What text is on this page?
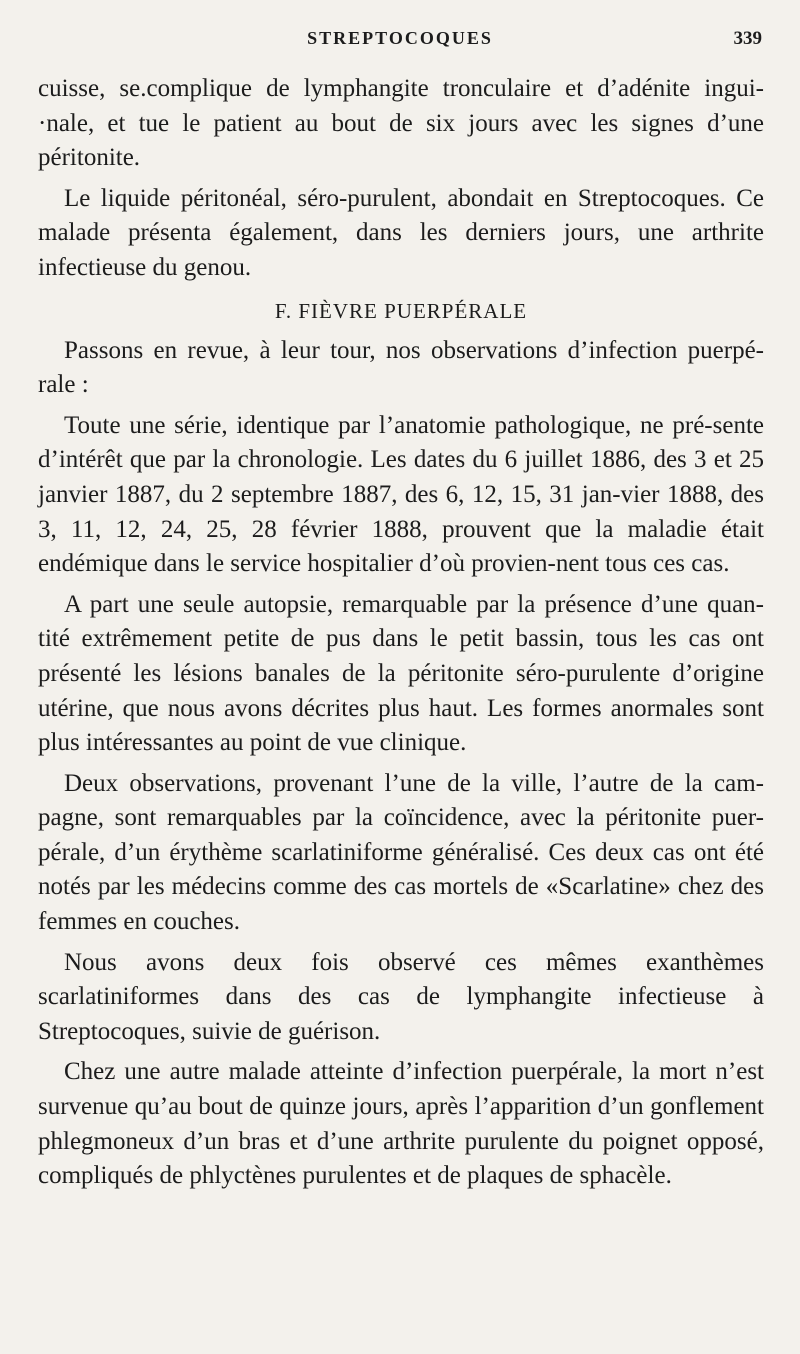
STREPTOCOQUES	339

cuisse, se.complique de lymphangite tronculaire et d’adénite ingui-·nale, et tue le patient au bout de six jours avec les signes d’une péritonite.

Le liquide péritonéal, séro-purulent, abondait en Streptocoques. Ce malade présenta également, dans les derniers jours, une arthrite infectieuse du genou.

F. FIÈVRE PUERPÉRALE

Passons en revue, à leur tour, nos observations d’infection puerpé-rale :

Toute une série, identique par l’anatomie pathologique, ne pré-sente d’intérêt que par la chronologie. Les dates du 6 juillet 1886, des 3 et 25 janvier 1887, du 2 septembre 1887, des 6, 12, 15, 31 jan-vier 1888, des 3, 11, 12, 24, 25, 28 février 1888, prouvent que la maladie était endémique dans le service hospitalier d’où provien-nent tous ces cas.

A part une seule autopsie, remarquable par la présence d’une quan-tité extrêmement petite de pus dans le petit bassin, tous les cas ont présenté les lésions banales de la péritonite séro-purulente d’origine utérine, que nous avons décrites plus haut. Les formes anormales sont plus intéressantes au point de vue clinique.

Deux observations, provenant l’une de la ville, l’autre de la cam-pagne, sont remarquables par la coïncidence, avec la péritonite puer-pérale, d’un érythème scarlatiniforme généralisé. Ces deux cas ont été notés par les médecins comme des cas mortels de «Scarlatine» chez des femmes en couches.

Nous avons deux fois observé ces mêmes exanthèmes scarlatiniformes dans des cas de lymphangite infectieuse à Streptocoques, suivie de guérison.

Chez une autre malade atteinte d’infection puerpérale, la mort n’est survenue qu’au bout de quinze jours, après l’apparition d’un gonflement phlegmoneux d’un bras et d’une arthrite purulente du poignet opposé, compliqués de phlyctènes purulentes et de plaques de sphacèle.
